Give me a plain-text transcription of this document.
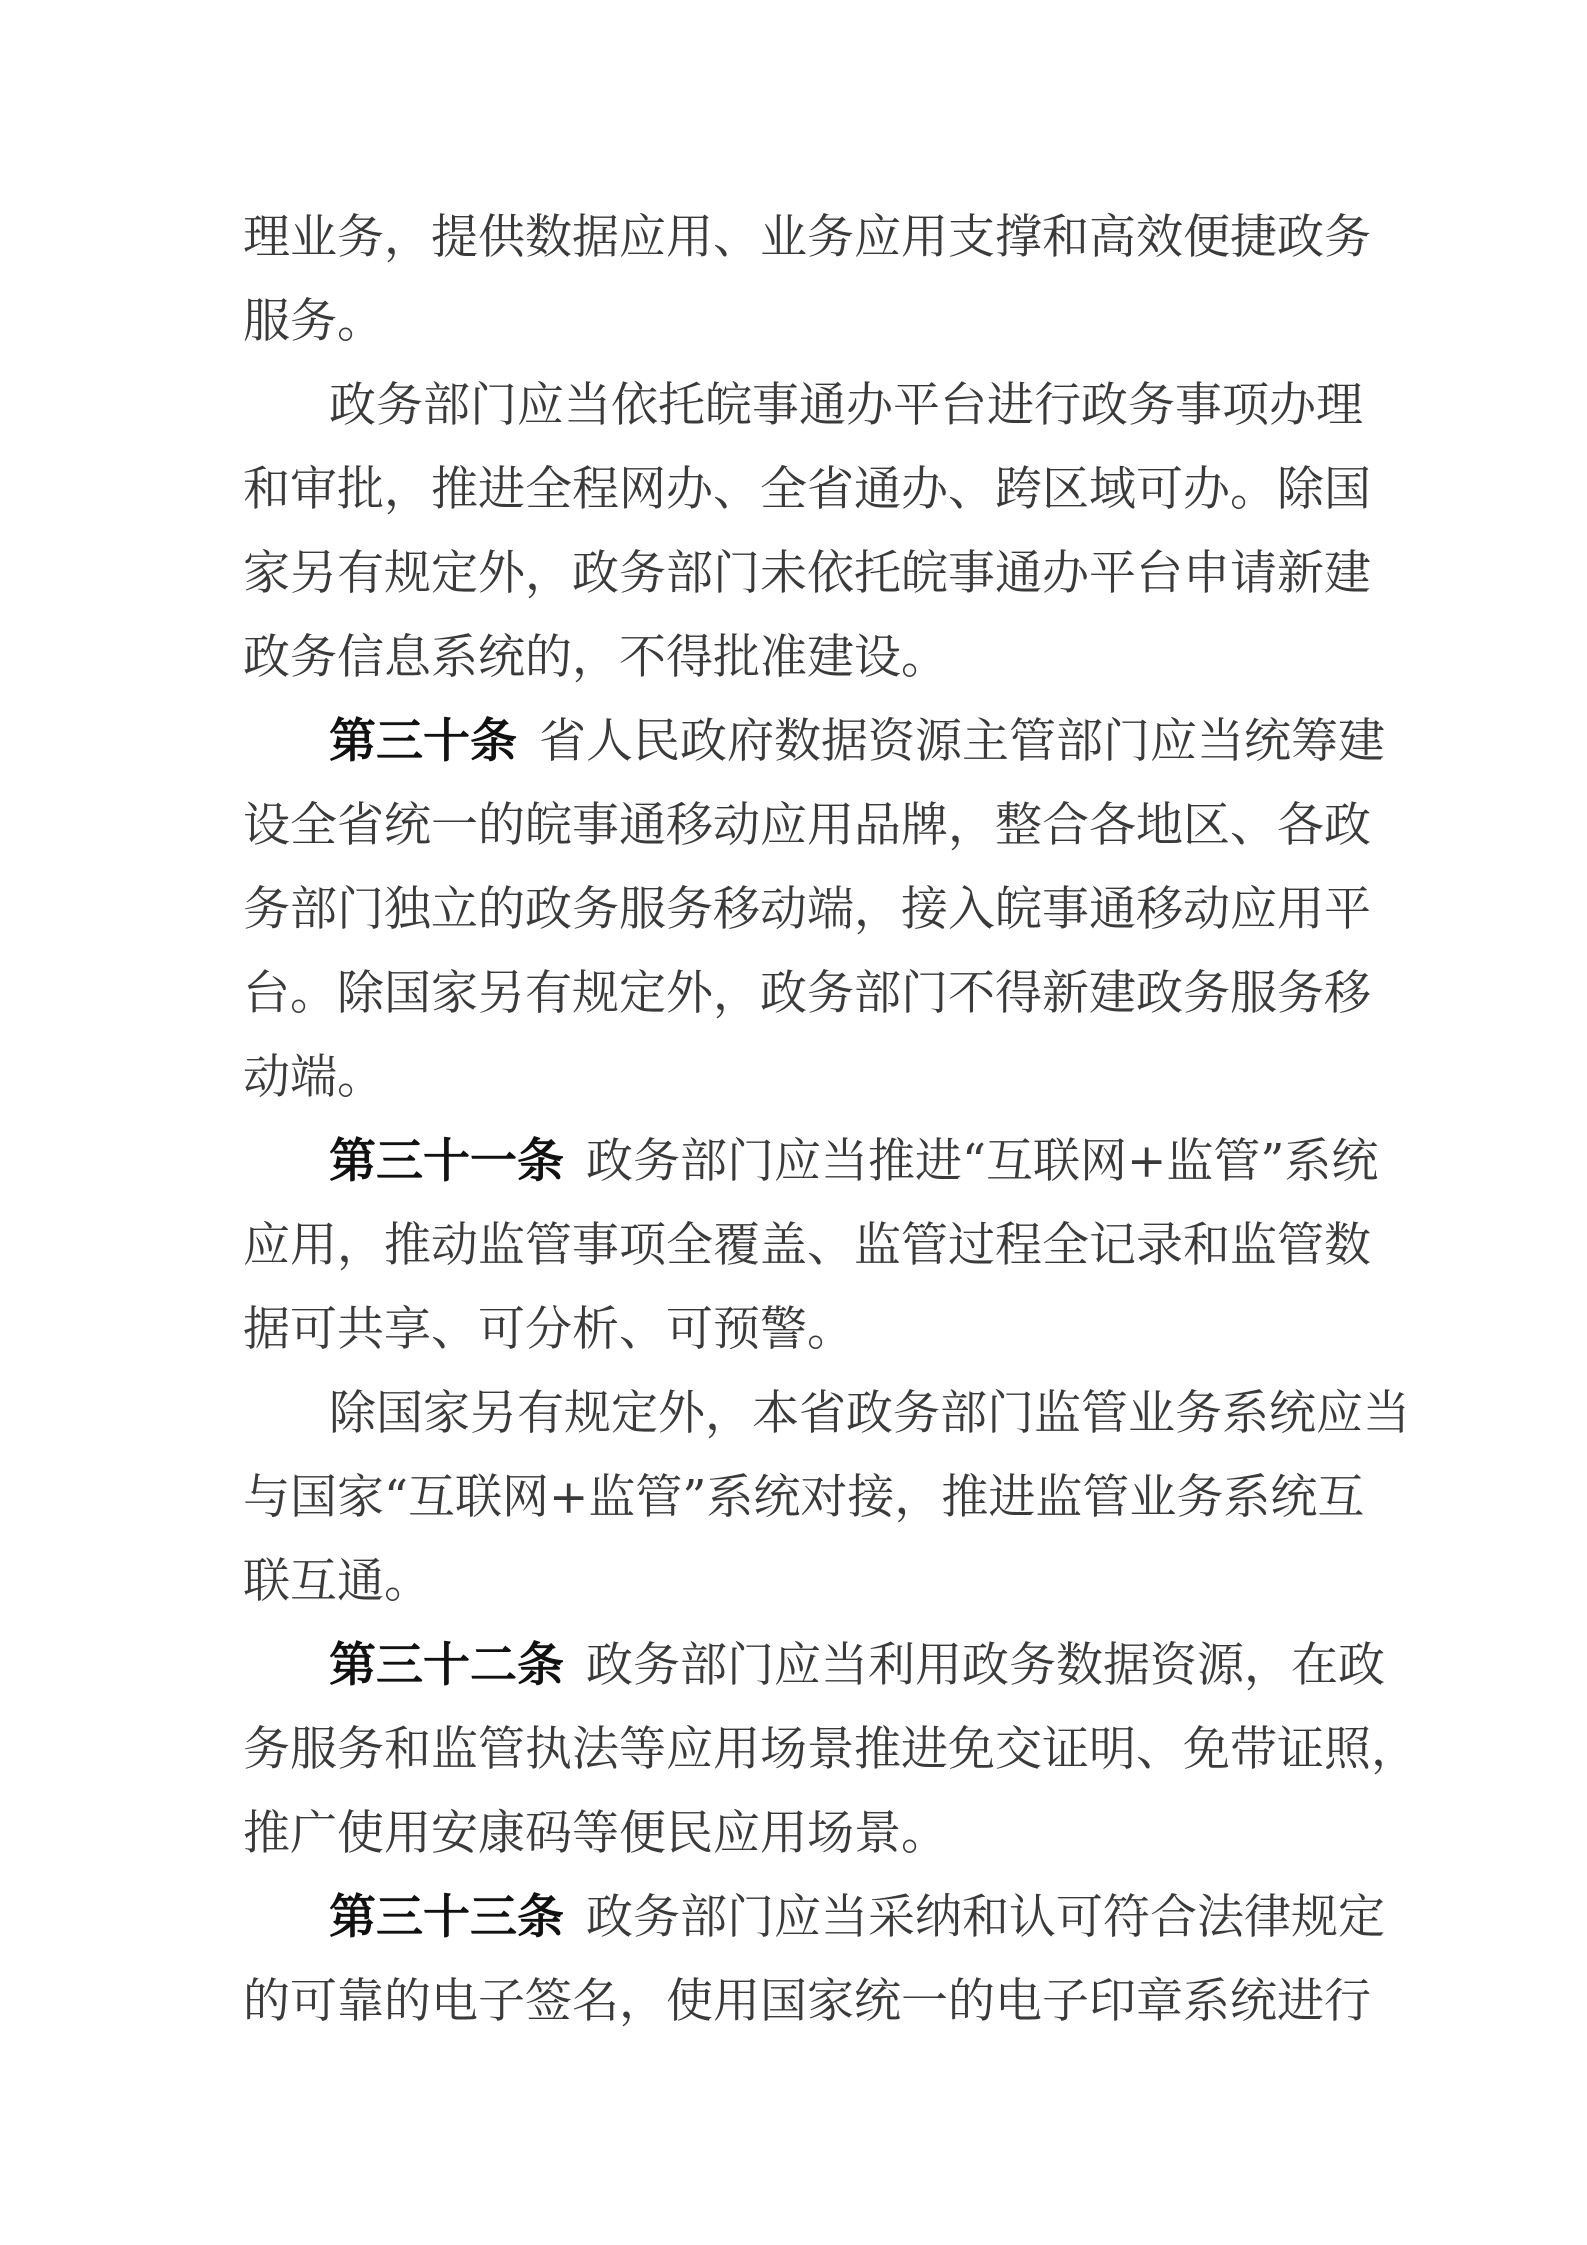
理业务，提供数据应用、业务应用支撑和高效便捷政务
服务。
政务部门应当依托皖事通办平台进行政务事项办理
和审批，推进全程网办、全省通办、跨区域可办。除国
家另有规定外，政务部门未依托皖事通办平台申请新建
政务信息系统的，不得批准建设。
第三十条 省人民政府数据资源主管部门应当统筹建
设全省统一的皖事通移动应用品牌，整合各地区、各政
务部门独立的政务服务移动端，接入皖事通移动应用平
台。除国家另有规定外，政务部门不得新建政务服务移
动端。
第三十一条 政务部门应当推进“互联网+监管”系统
应用，推动监管事项全覆盖、监管过程全记录和监管数
据可共享、可分析、可预警。
除国家另有规定外，本省政务部门监管业务系统应当
与国家“互联网+监管”系统对接，推进监管业务系统互
联互通。
第三十二条 政务部门应当利用政务数据资源，在政
务服务和监管执法等应用场景推进免交证明、免带证照，
推广使用安康码等便民应用场景。
第三十三条 政务部门应当采纳和认可符合法律规定
的可靠的电子签名，使用国家统一的电子印章系统进行
